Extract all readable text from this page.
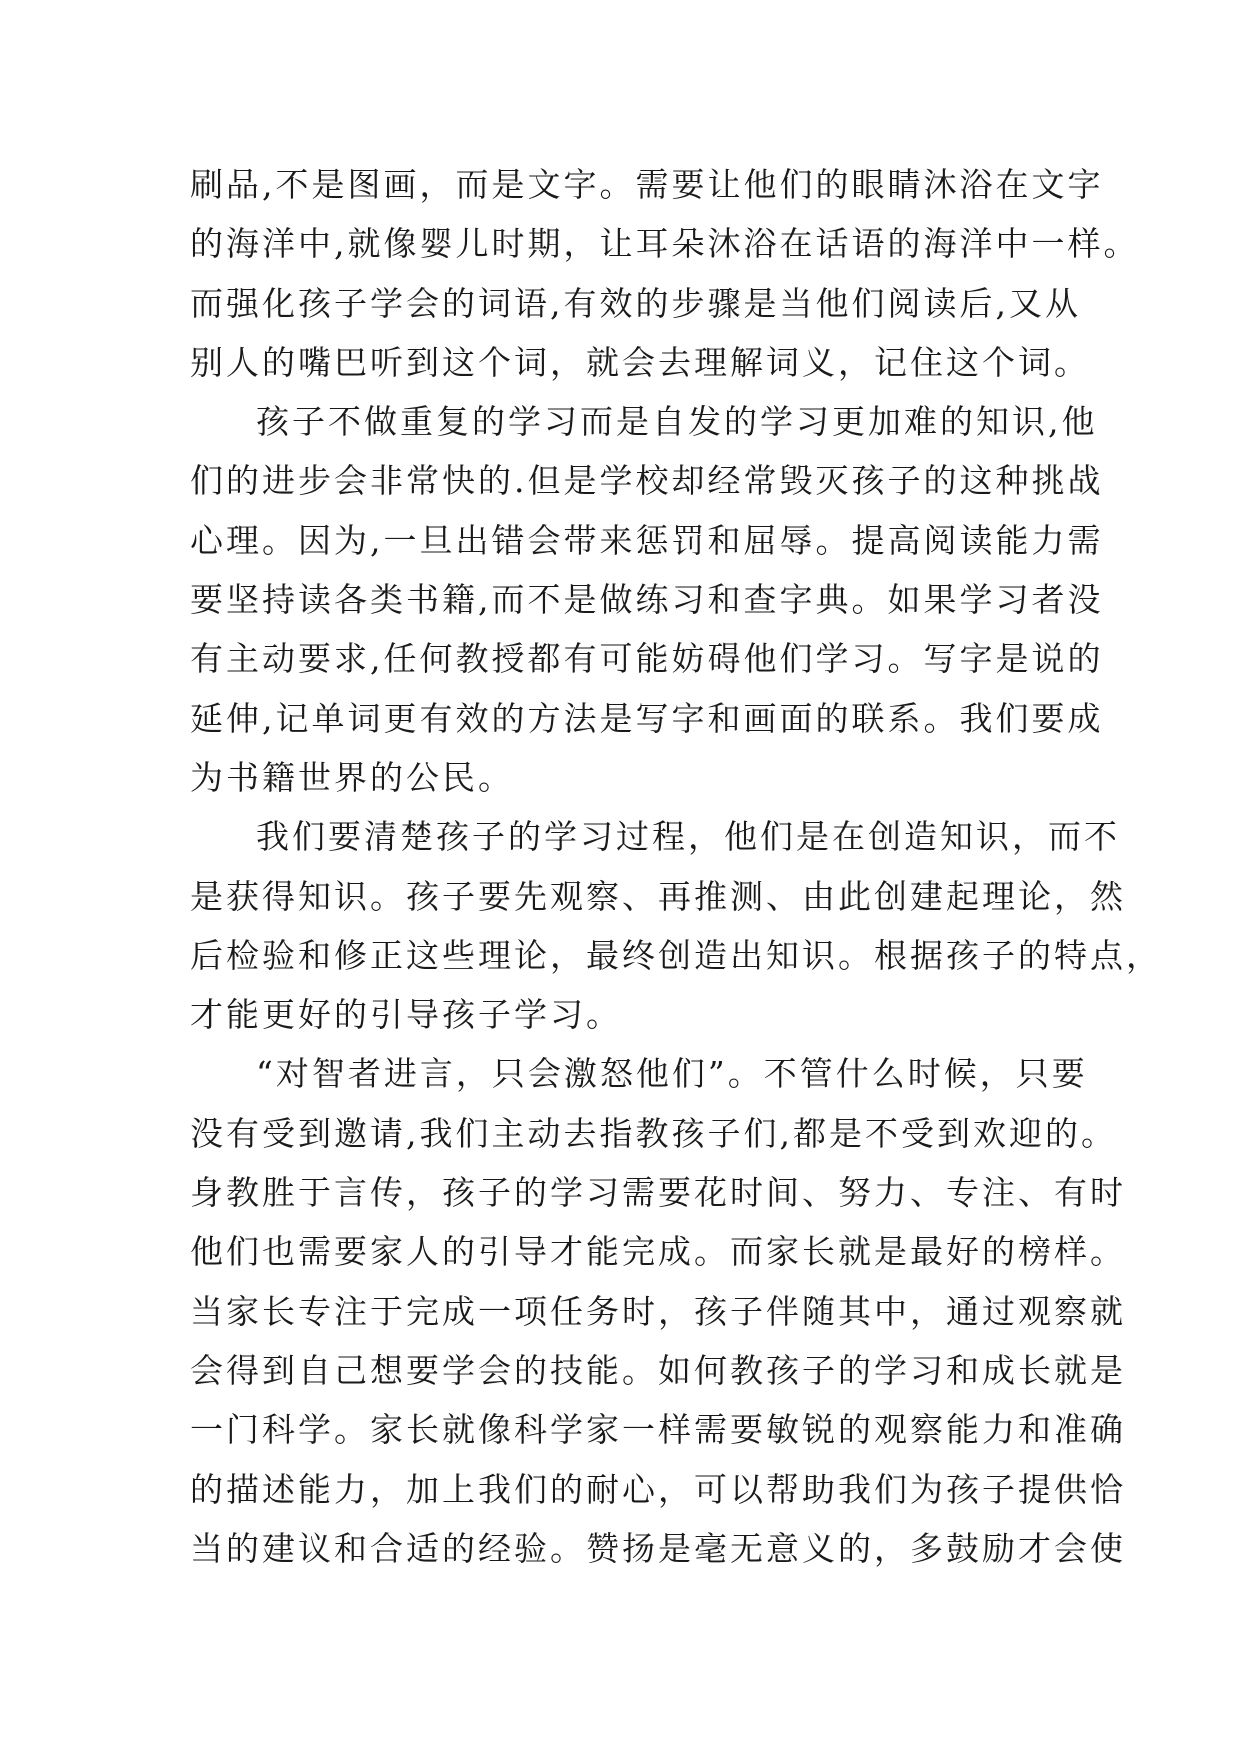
刷品,不是图画，而是文字。需要让他们的眼睛沐浴在文字
的海洋中,就像婴儿时期，让耳朵沐浴在话语的海洋中一样。
而强化孩子学会的词语,有效的步骤是当他们阅读后,又从
别人的嘴巴听到这个词，就会去理解词义，记住这个词。
孩子不做重复的学习而是自发的学习更加难的知识,他
们的进步会非常快的.但是学校却经常毁灭孩子的这种挑战
心理。因为,一旦出错会带来惩罚和屈辱。提高阅读能力需
要坚持读各类书籍,而不是做练习和查字典。如果学习者没
有主动要求,任何教授都有可能妨碍他们学习。写字是说的
延伸,记单词更有效的方法是写字和画面的联系。我们要成
为书籍世界的公民。
我们要清楚孩子的学习过程，他们是在创造知识，而不
是获得知识。孩子要先观察、再推测、由此创建起理论，然
后检验和修正这些理论，最终创造出知识。根据孩子的特点，
才能更好的引导孩子学习。
“对智者进言，只会激怒他们”。不管什么时候，只要
没有受到邀请,我们主动去指教孩子们,都是不受到欢迎的。
身教胜于言传，孩子的学习需要花时间、努力、专注、有时
他们也需要家人的引导才能完成。而家长就是最好的榜样。
当家长专注于完成一项任务时，孩子伴随其中，通过观察就
会得到自己想要学会的技能。如何教孩子的学习和成长就是
一门科学。家长就像科学家一样需要敏锐的观察能力和准确
的描述能力，加上我们的耐心，可以帮助我们为孩子提供恰
当的建议和合适的经验。赞扬是毫无意义的，多鼓励才会使
